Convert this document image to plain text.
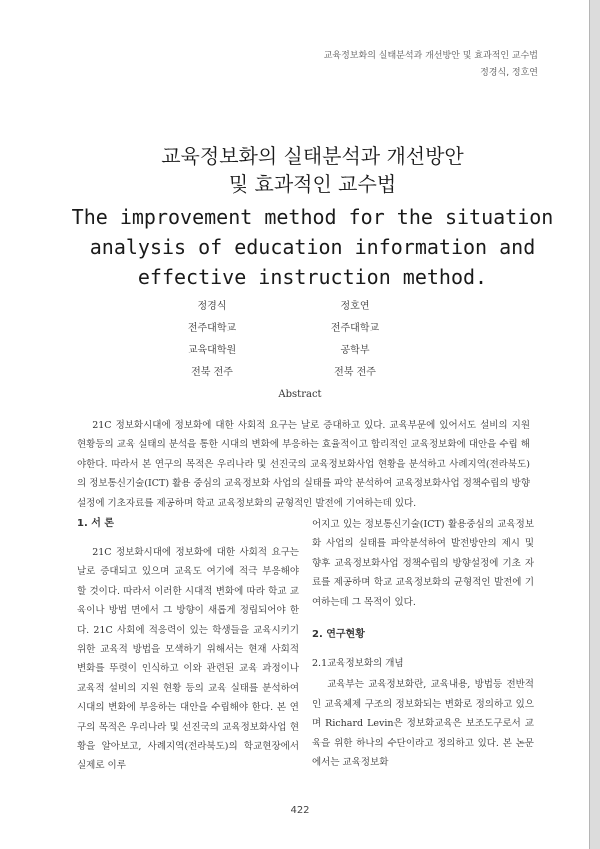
교육정보화의 실태분석과 개선방안 및 효과적인 교수법
정경식, 정호연

교육정보화의 실태분석과 개선방안

및 효과적인 교수법

The improvement method for the situation

analysis of education information and

effective instruction method.

정경식
전주대학교
교육대학원
전북 전주
정호연
전주대학교
공학부
전북 전주
Abstract

21C 정보화시대에 정보화에 대한 사회적 요구는 날로 증대하고 있다. 교육부문에 있어서도 설비의 지원 현황등의 교육 실태의 분석을 통한 시대의 변화에 부응하는 효율적이고 합리적인 교육정보화에 대안을 수립 해야한다. 따라서 본 연구의 목적은 우리나라 및 선진국의 교육정보화사업 현황을 분석하고 사례지역(전라북도)의 정보통신기술(ICT) 활용 중심의 교육정보화 사업의 실태를 파악 분석하여 교육정보화사업 정책수립의 방향설정에 기초자료를 제공하며 학교 교육정보화의 균형적인 발전에 기여하는데 있다.

1. 서 론

21C 정보화시대에 정보화에 대한 사회적 요구는 날로 증대되고 있으며 교육도 여기에 적극 부응해야 할 것이다. 따라서 이러한 시대적 변화에 따라 학교 교육이나 방법 면에서 그 방향이 새롭게 정립되어야 한다. 21C 사회에 적응력이 있는 학생들을 교육시키기 위한 교육적 방법을 모색하기 위해서는 현재 사회적 변화를 뚜렷이 인식하고 이와 관련된 교육 과정이나 교육적 설비의 지원 현황 등의 교육 실태를 분석하여 시대의 변화에 부응하는 대안을 수립해야 한다. 본 연구의 목적은 우리나라 및 선진국의 교육정보화사업 현황을 알아보고, 사례지역(전라북도)의 학교현장에서 실제로 이루

어지고 있는 정보통신기술(ICT) 활용중심의 교육정보화 사업의 실태를 파악분석하여 발전방안의 제시 및 향후 교육정보화사업 정책수립의 방향설정에 기초 자료를 제공하며 학교 교육정보화의 균형적인 발전에 기여하는데 그 목적이 있다.

2. 연구현황

2.1교육정보화의 개념

교육부는 교육정보화란, 교육내용, 방법등 전반적인 교육체제 구조의 정보화되는 변화로 정의하고 있으며 Richard Levin은 정보화교육은 보조도구로서 교육을 위한 하나의 수단이라고 정의하고 있다. 본 논문에서는 교육정보화

422
